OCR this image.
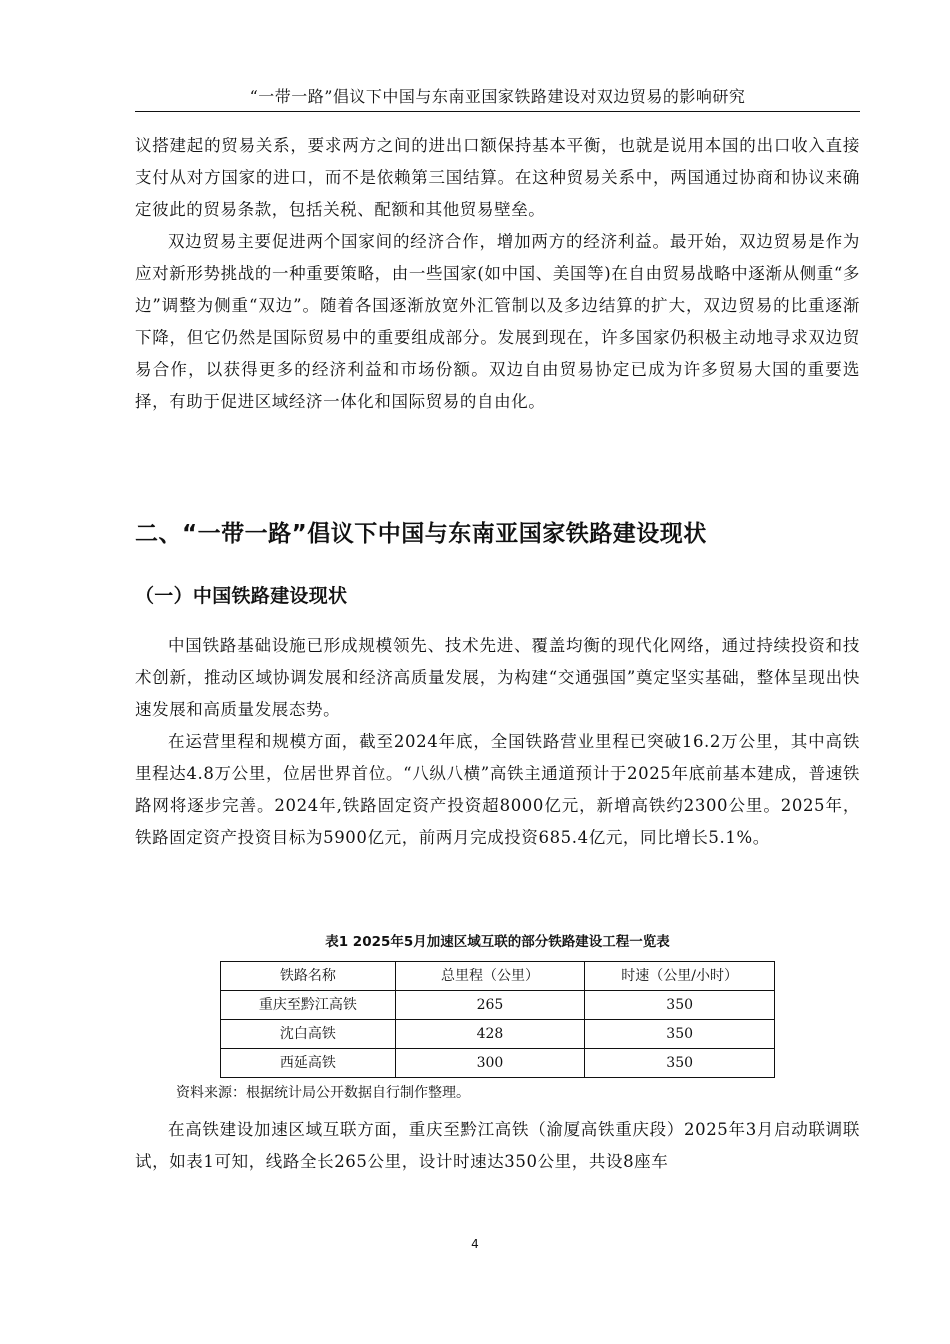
“一带一路”倡议下中国与东南亚国家铁路建设对双边贸易的影响研究

议搭建起的贸易关系，要求两方之间的进出口额保持基本平衡，也就是说用本国的出口收入直接支付从对方国家的进口，而不是依赖第三国结算。在这种贸易关系中，两国通过协商和协议来确定彼此的贸易条款，包括关税、配额和其他贸易壁垒。

双边贸易主要促进两个国家间的经济合作，增加两方的经济利益。最开始，双边贸易是作为应对新形势挑战的一种重要策略，由一些国家(如中国、美国等)在自由贸易战略中逐渐从侧重“多边”调整为侧重“双边”。随着各国逐渐放宽外汇管制以及多边结算的扩大，双边贸易的比重逐渐下降，但它仍然是国际贸易中的重要组成部分。发展到现在，许多国家仍积极主动地寻求双边贸易合作，以获得更多的经济利益和市场份额。双边自由贸易协定已成为许多贸易大国的重要选择，有助于促进区域经济一体化和国际贸易的自由化。

二、“一带一路”倡议下中国与东南亚国家铁路建设现状
（一）中国铁路建设现状

中国铁路基础设施已形成规模领先、技术先进、覆盖均衡的现代化网络，通过持续投资和技术创新，推动区域协调发展和经济高质量发展，为构建“交通强国”奠定坚实基础，整体呈现出快速发展和高质量发展态势。

在运营里程和规模方面，截至2024年底，全国铁路营业里程已突破16.2万公里，其中高铁里程达4.8万公里，位居世界首位。“八纵八横”高铁主通道预计于2025年底前基本建成，普速铁路网将逐步完善。2024年,铁路固定资产投资超8000亿元，新增高铁约2300公里。2025年，铁路固定资产投资目标为5900亿元，前两月完成投资685.4亿元，同比增长5.1%。

表1 2025年5月加速区域互联的部分铁路建设工程一览表
铁路名称	总里程（公里）	时速（公里/小时）
重庆至黔江高铁	265	350
沈白高铁	428	350
西延高铁	300	350
资料来源：根据统计局公开数据自行制作整理。

在高铁建设加速区域互联方面，重庆至黔江高铁（渝厦高铁重庆段）2025年3月启动联调联试，如表1可知，线路全长265公里，设计时速达350公里，共设8座车

4
